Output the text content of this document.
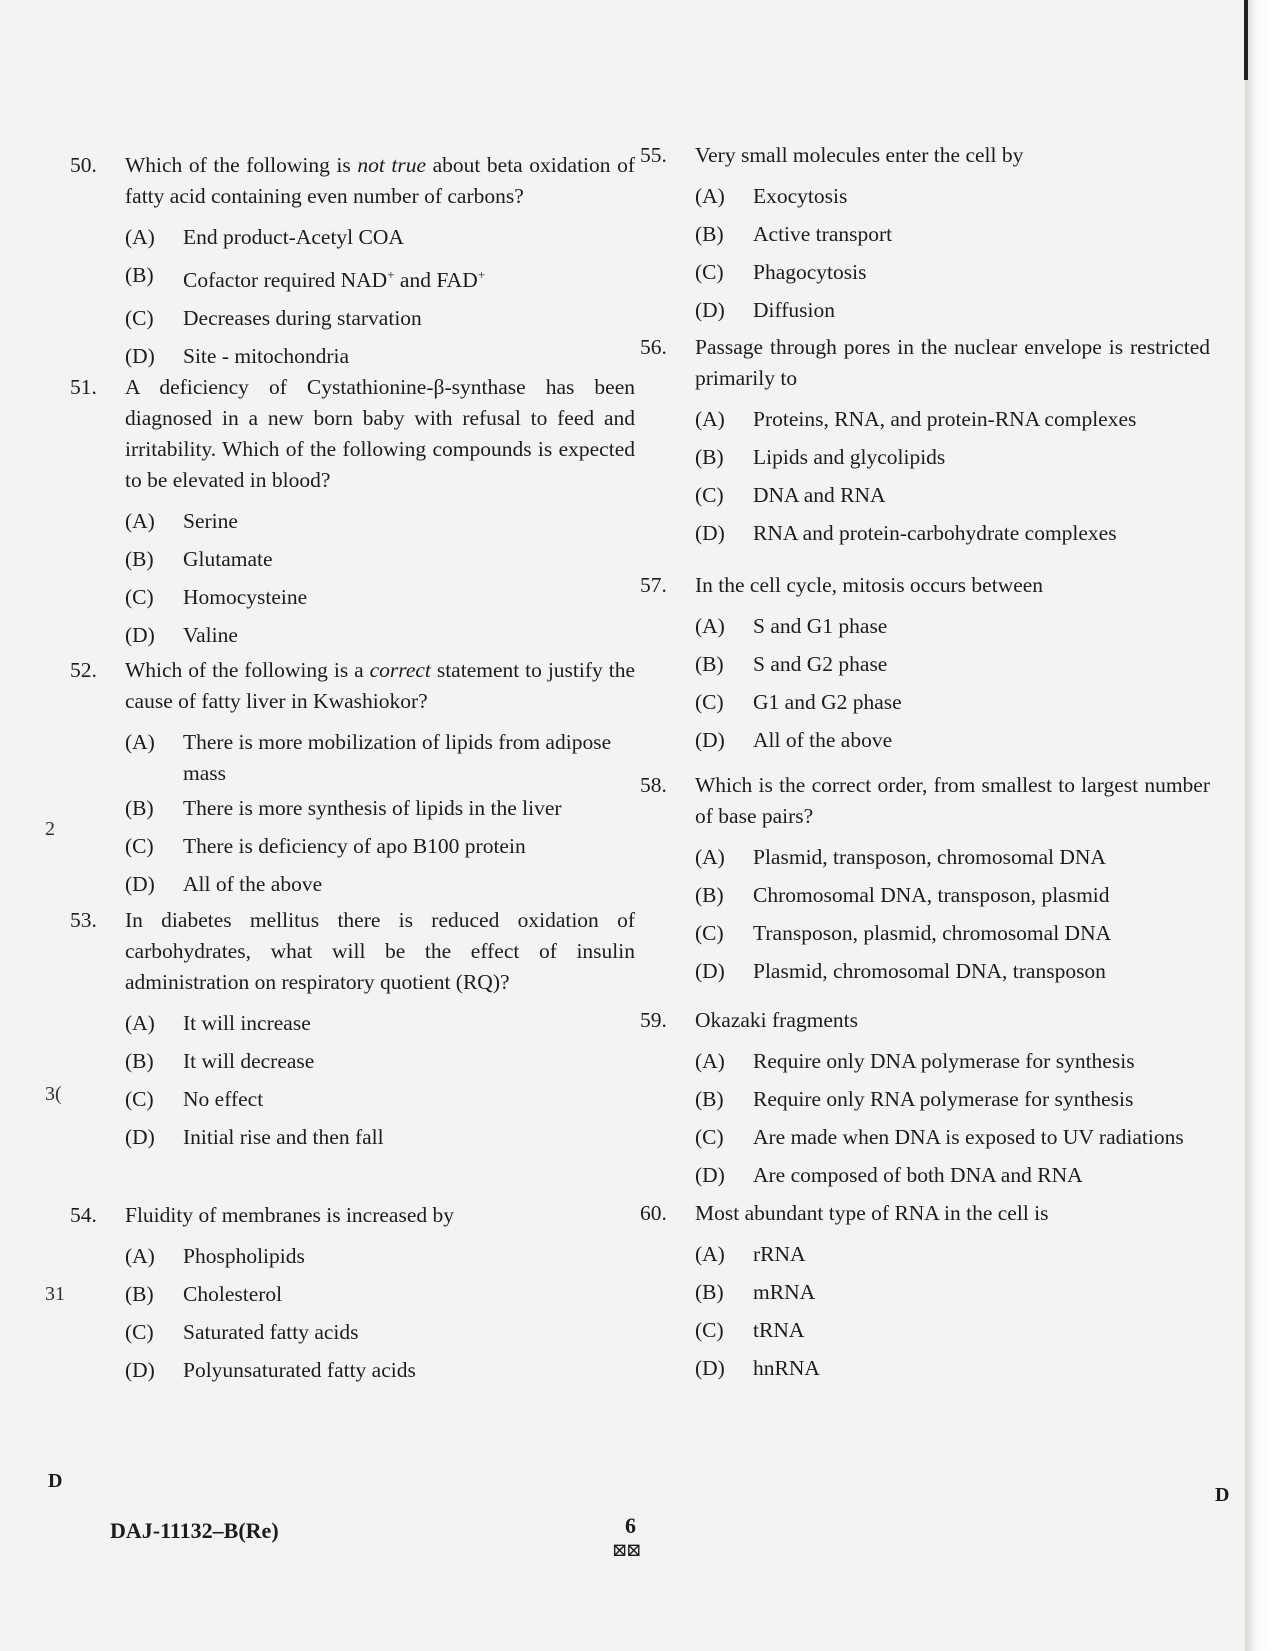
2
3(
31
50.	Which of the following is not true about beta oxidation of fatty acid containing even number of carbons?
(A)	End product-Acetyl COA
(B)	Cofactor required NAD+ and FAD+
(C)	Decreases during starvation
(D)	Site - mitochondria
51.	A deficiency of Cystathionine-β-synthase has been diagnosed in a new born baby with refusal to feed and irritability. Which of the following compounds is expected to be elevated in blood?
(A)	Serine
(B)	Glutamate
(C)	Homocysteine
(D)	Valine
52.	Which of the following is a correct statement to justify the cause of fatty liver in Kwashiokor?
(A)	There is more mobilization of lipids from adipose mass
(B)	There is more synthesis of lipids in the liver
(C)	There is deficiency of apo B100 protein
(D)	All of the above
53.	In diabetes mellitus there is reduced oxidation of carbohydrates, what will be the effect of insulin administration on respiratory quotient (RQ)?
(A)	It will increase
(B)	It will decrease
(C)	No effect
(D)	Initial rise and then fall
54.	Fluidity of membranes is increased by
(A)	Phospholipids
(B)	Cholesterol
(C)	Saturated fatty acids
(D)	Polyunsaturated fatty acids
55.	Very small molecules enter the cell by
(A)	Exocytosis
(B)	Active transport
(C)	Phagocytosis
(D)	Diffusion
56.	Passage through pores in the nuclear envelope is restricted primarily to
(A)	Proteins, RNA, and protein-RNA complexes
(B)	Lipids and glycolipids
(C)	DNA and RNA
(D)	RNA and protein-carbohydrate complexes
57.	In the cell cycle, mitosis occurs between
(A)	S and G1 phase
(B)	S and G2 phase
(C)	G1 and G2 phase
(D)	All of the above
58.	Which is the correct order, from smallest to largest number of base pairs?
(A)	Plasmid, transposon, chromosomal DNA
(B)	Chromosomal DNA, transposon, plasmid
(C)	Transposon, plasmid, chromosomal DNA
(D)	Plasmid, chromosomal DNA, transposon
59.	Okazaki fragments
(A)	Require only DNA polymerase for synthesis
(B)	Require only RNA polymerase for synthesis
(C)	Are made when DNA is exposed to UV radiations
(D)	Are composed of both DNA and RNA
60.	Most abundant type of RNA in the cell is
(A)	rRNA
(B)	mRNA
(C)	tRNA
(D)	hnRNA
D
D
DAJ-11132–B(Re)	6
⊠⊠
